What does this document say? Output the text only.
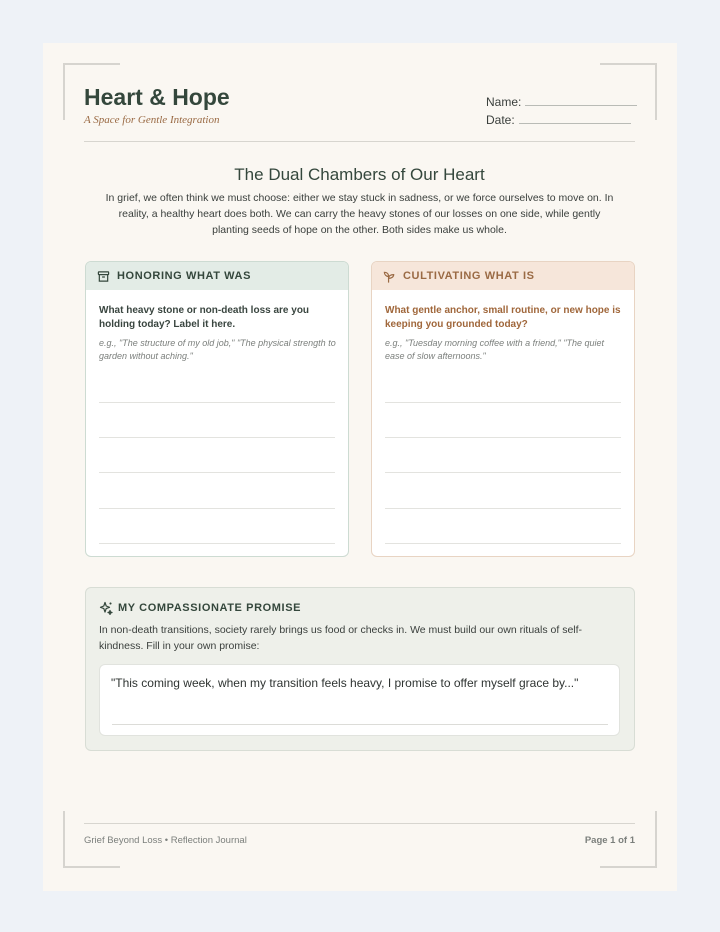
Heart & Hope
A Space for Gentle Integration
Name:
Date:
The Dual Chambers of Our Heart
In grief, we often think we must choose: either we stay stuck in sadness, or we force ourselves to move on. In reality, a healthy heart does both. We can carry the heavy stones of our losses on one side, while gently planting seeds of hope on the other. Both sides make us whole.
HONORING WHAT WAS
What heavy stone or non-death loss are you holding today? Label it here.
e.g., "The structure of my old job," "The physical strength to garden without aching."
CULTIVATING WHAT IS
What gentle anchor, small routine, or new hope is keeping you grounded today?
e.g., "Tuesday morning coffee with a friend," "The quiet ease of slow afternoons."
MY COMPASSIONATE PROMISE
In non-death transitions, society rarely brings us food or checks in. We must build our own rituals of self-kindness. Fill in your own promise:
"This coming week, when my transition feels heavy, I promise to offer myself grace by..."
Grief Beyond Loss • Reflection Journal	Page 1 of 1
